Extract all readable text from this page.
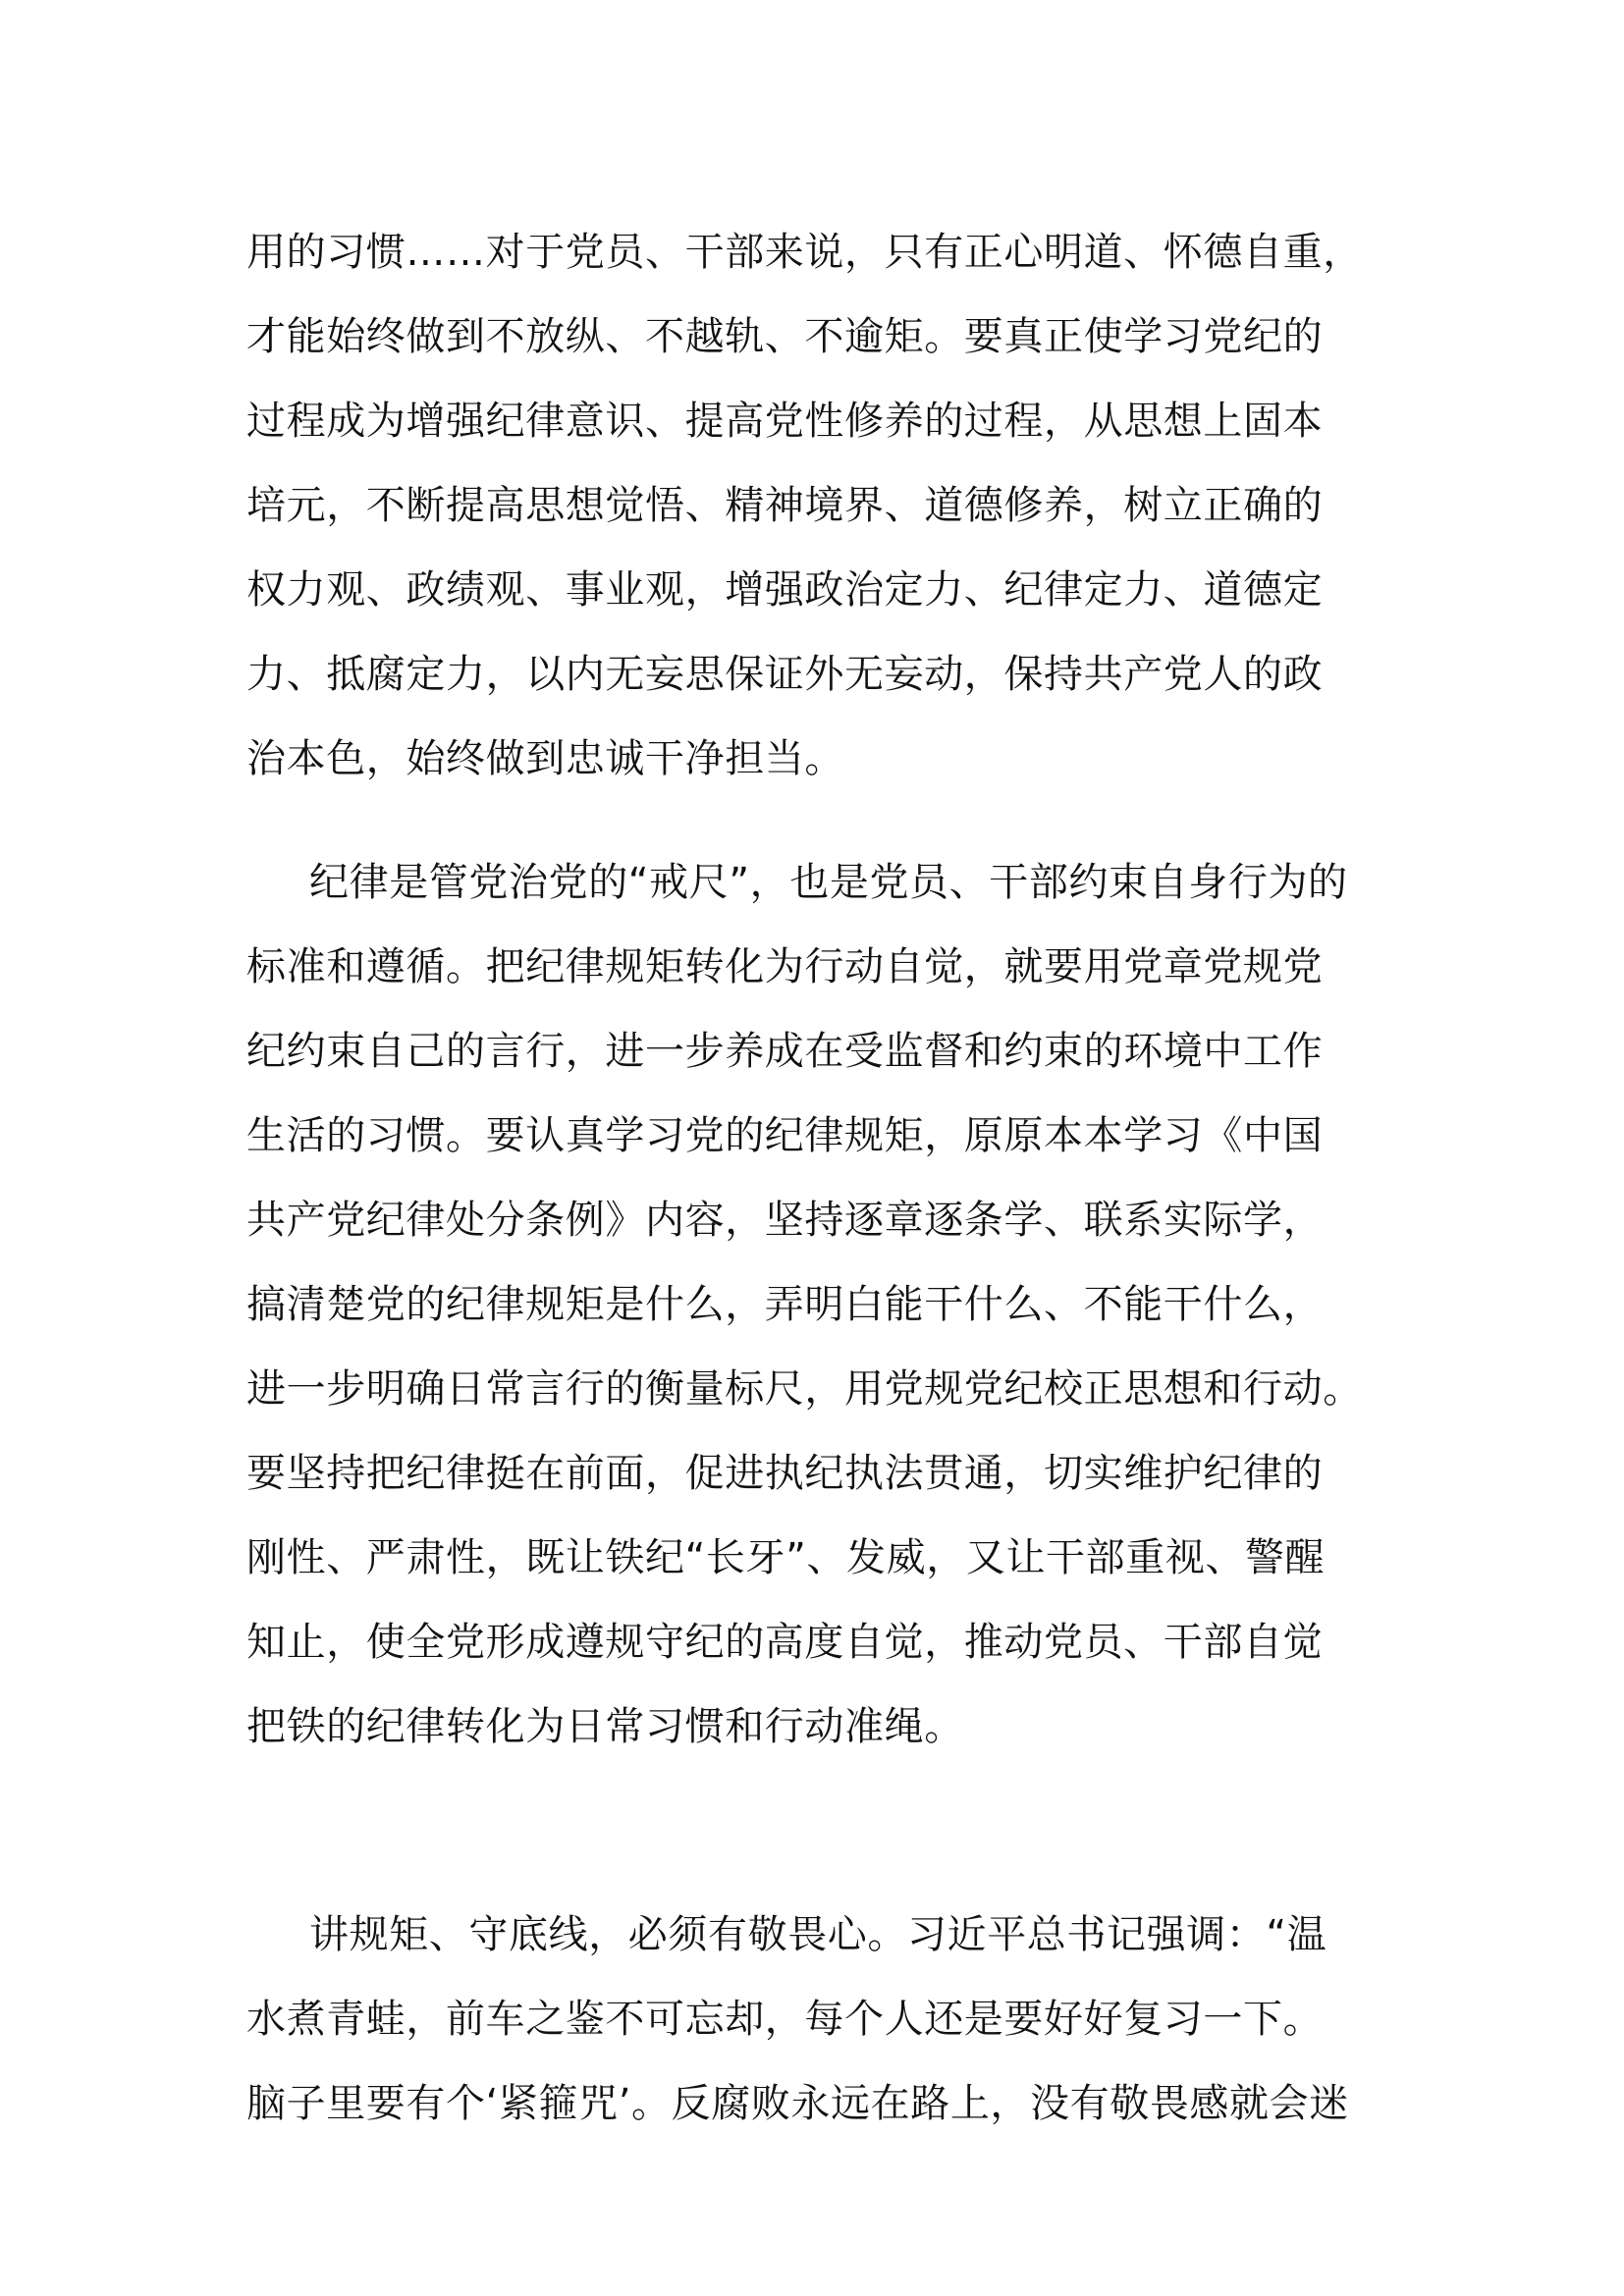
用的习惯……对于党员、干部来说，只有正心明道、怀德自重，

才能始终做到不放纵、不越轨、不逾矩。要真正使学习党纪的

过程成为增强纪律意识、提高党性修养的过程，从思想上固本

培元，不断提高思想觉悟、精神境界、道德修养，树立正确的

权力观、政绩观、事业观，增强政治定力、纪律定力、道德定

力、抵腐定力，以内无妄思保证外无妄动，保持共产党人的政

治本色，始终做到忠诚干净担当。

纪律是管党治党的“戒尺”，也是党员、干部约束自身行为的

标准和遵循。把纪律规矩转化为行动自觉，就要用党章党规党

纪约束自己的言行，进一步养成在受监督和约束的环境中工作

生活的习惯。要认真学习党的纪律规矩，原原本本学习《中国

共产党纪律处分条例》内容，坚持逐章逐条学、联系实际学，

搞清楚党的纪律规矩是什么，弄明白能干什么、不能干什么，

进一步明确日常言行的衡量标尺，用党规党纪校正思想和行动。

要坚持把纪律挺在前面，促进执纪执法贯通，切实维护纪律的

刚性、严肃性，既让铁纪“长牙”、发威，又让干部重视、警醒

知止，使全党形成遵规守纪的高度自觉，推动党员、干部自觉

把铁的纪律转化为日常习惯和行动准绳。

讲规矩、守底线，必须有敬畏心。习近平总书记强调：“温

水煮青蛙，前车之鉴不可忘却，每个人还是要好好复习一下。

脑子里要有个‘紧箍咒’。反腐败永远在路上，没有敬畏感就会迷
